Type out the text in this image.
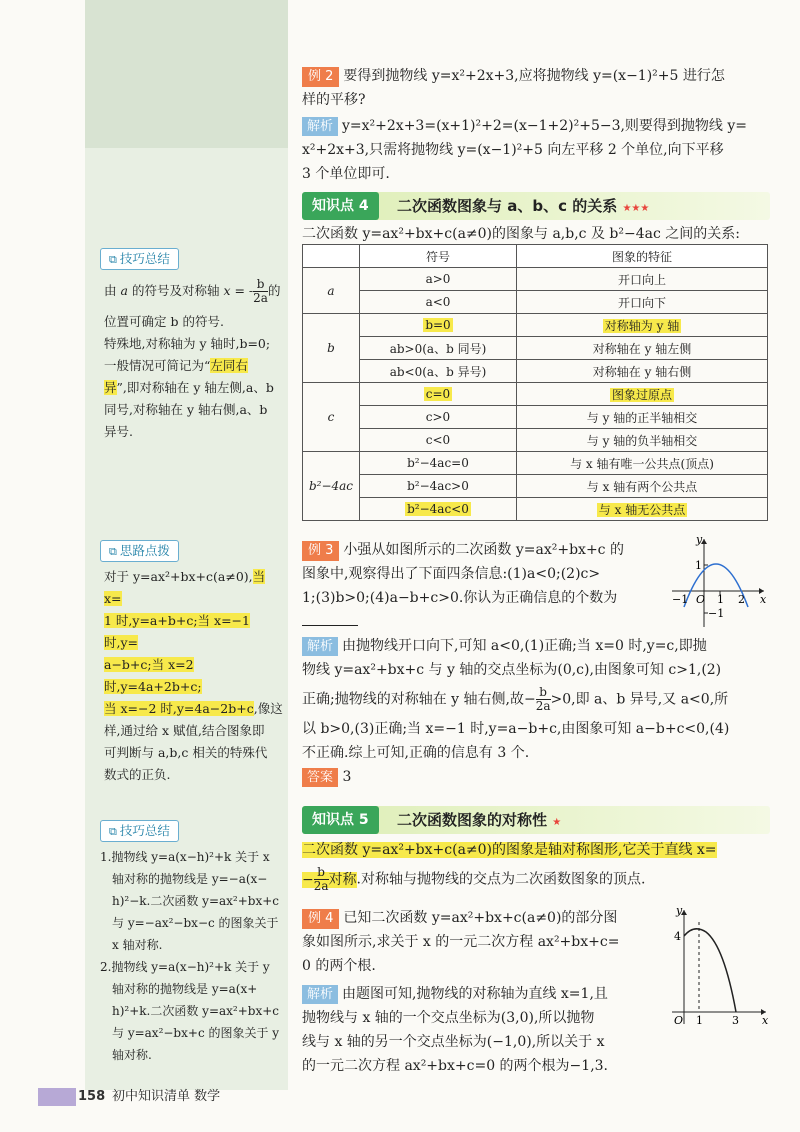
⧉ 技巧总结
由 a 的符号及对称轴 x = - $\frac{b}{2a}$ 的
位置可确定 b 的符号.
特殊地,对称轴为 y 轴时,b=0;
一般情况可简记为“左同右
异”,即对称轴在 y 轴左侧,a、b
同号,对称轴在 y 轴右侧,a、b
异号.
⧉ 思路点拨
对于 y=ax²+bx+c(a≠0),当 x=
1 时,y=a+b+c;当 x=−1 时,y=
a−b+c;当 x=2 时,y=4a+2b+c;
当 x=−2 时,y=4a−2b+c,像这
样,通过给 x 赋值,结合图象即
可判断与 a,b,c 相关的特殊代
数式的正负.
⧉ 技巧总结
1.抛物线 y=a(x−h)²+k 关于 x
轴对称的抛物线是 y=−a(x−
h)²−k.二次函数 y=ax²+bx+c
与 y=−ax²−bx−c 的图象关于
x 轴对称.
2.抛物线 y=a(x−h)²+k 关于 y
轴对称的抛物线是 y=a(x+
h)²+k.二次函数 y=ax²+bx+c
与 y=ax²−bx+c 的图象关于 y
轴对称.
例 2 要得到抛物线 y=x²+2x+3,应将抛物线 y=(x−1)²+5 进行怎
样的平移?
解析 y=x²+2x+3=(x+1)²+2=(x−1+2)²+5−3,则要得到抛物线 y=
x²+2x+3,只需将抛物线 y=(x−1)²+5 向左平移 2 个单位,向下平移
3 个单位即可.
知识点 4	二次函数图象与 a、b、c 的关系 ★★★
二次函数 y=ax²+bx+c(a≠0)的图象与 a,b,c 及 b²−4ac 之间的关系:
	符号	图象的特征
a	a>0	开口向上
	a<0	开口向下
b	b=0	对称轴为 y 轴
	ab>0(a、b 同号)	对称轴在 y 轴左侧
	ab<0(a、b 异号)	对称轴在 y 轴右侧
c	c=0	图象过原点
	c>0	与 y 轴的正半轴相交
	c<0	与 y 轴的负半轴相交
b²−4ac	b²−4ac=0	与 x 轴有唯一公共点(顶点)
	b²−4ac>0	与 x 轴有两个公共点
	b²−4ac<0	与 x 轴无公共点
例 3 小强从如图所示的二次函数 y=ax²+bx+c 的
图象中,观察得出了下面四条信息:(1)a<0;(2)c>
1;(3)b>0;(4)a−b+c>0.你认为正确信息的个数为
y
x
1
−1 O 1 2
−1
解析 由抛物线开口向下,可知 a<0,(1)正确;当 x=0 时,y=c,即抛
物线 y=ax²+bx+c 与 y 轴的交点坐标为(0,c),由图象可知 c>1,(2)
正确;抛物线的对称轴在 y 轴右侧,故− $\frac{b}{2a} >0$,即 a、b 异号,又 a<0,所
以 b>0,(3)正确;当 x=−1 时,y=a−b+c,由图象可知 a−b+c<0,(4)
不正确.综上可知,正确的信息有 3 个.
答案 3
知识点 5	二次函数图象的对称性 ★
二次函数 y=ax²+bx+c(a≠0)的图象是轴对称图形,它关于直线 x=
− $\frac{b}{2a}$ 对称.对称轴与抛物线的交点为二次函数图象的顶点.
例 4 已知二次函数 y=ax²+bx+c(a≠0)的部分图
象如图所示,求关于 x 的一元二次方程 ax²+bx+c=
0 的两个根.
解析 由题图可知,抛物线的对称轴为直线 x=1,且
抛物线与 x 轴的一个交点坐标为(3,0),所以抛物
线与 x 轴的另一个交点坐标为(−1,0),所以关于 x
的一元二次方程 ax²+bx+c=0 的两个根为−1,3.
y
x
4
O 1	3
158 初中知识清单 数学
